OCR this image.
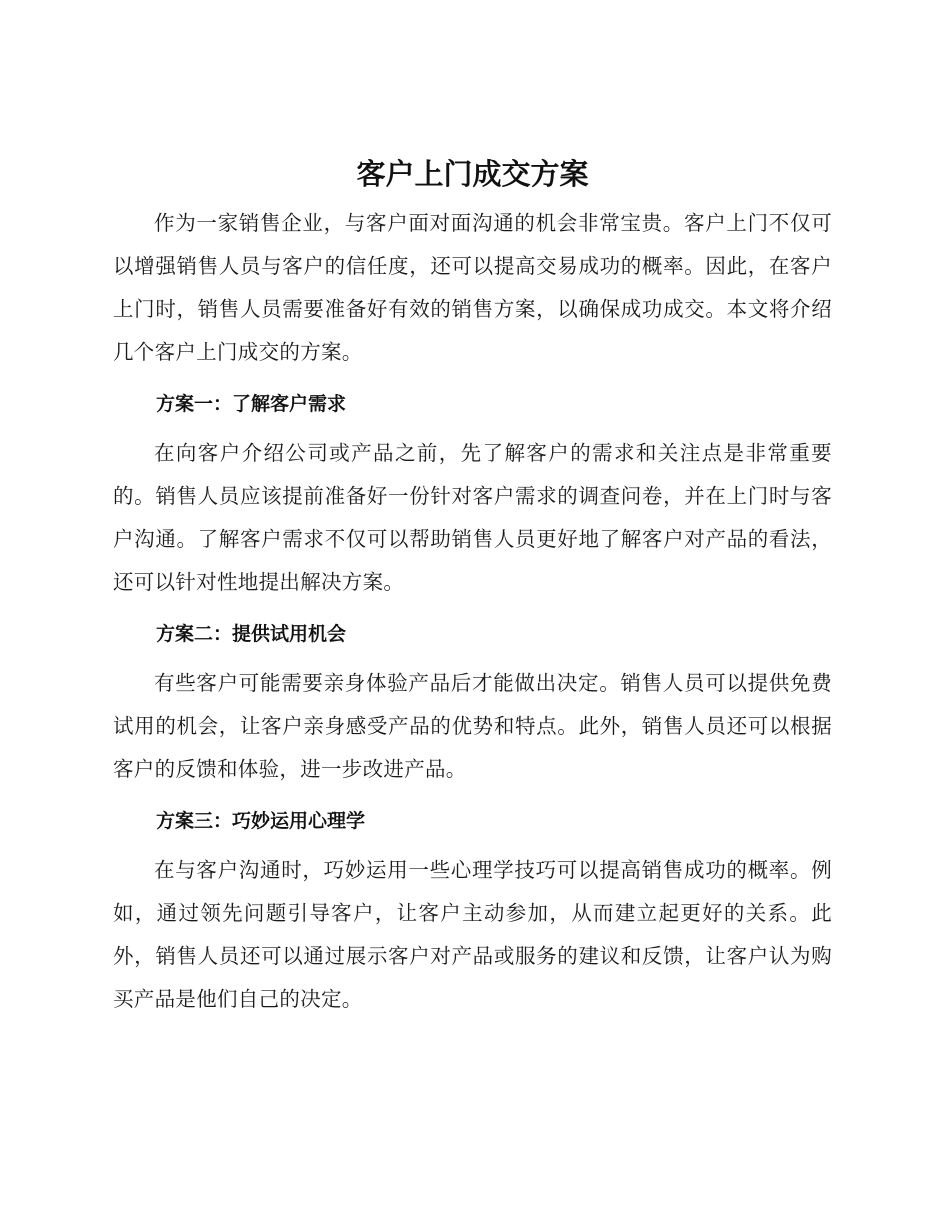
客户上门成交方案

作为一家销售企业，与客户面对面沟通的机会非常宝贵。客户上门不仅可以增强销售人员与客户的信任度，还可以提高交易成功的概率。因此，在客户上门时，销售人员需要准备好有效的销售方案，以确保成功成交。本文将介绍几个客户上门成交的方案。

方案一：了解客户需求

在向客户介绍公司或产品之前，先了解客户的需求和关注点是非常重要的。销售人员应该提前准备好一份针对客户需求的调查问卷，并在上门时与客户沟通。了解客户需求不仅可以帮助销售人员更好地了解客户对产品的看法，还可以针对性地提出解决方案。

方案二：提供试用机会

有些客户可能需要亲身体验产品后才能做出决定。销售人员可以提供免费试用的机会，让客户亲身感受产品的优势和特点。此外，销售人员还可以根据客户的反馈和体验，进一步改进产品。

方案三：巧妙运用心理学

在与客户沟通时，巧妙运用一些心理学技巧可以提高销售成功的概率。例如，通过领先问题引导客户，让客户主动参加，从而建立起更好的关系。此外，销售人员还可以通过展示客户对产品或服务的建议和反馈，让客户认为购买产品是他们自己的决定。
